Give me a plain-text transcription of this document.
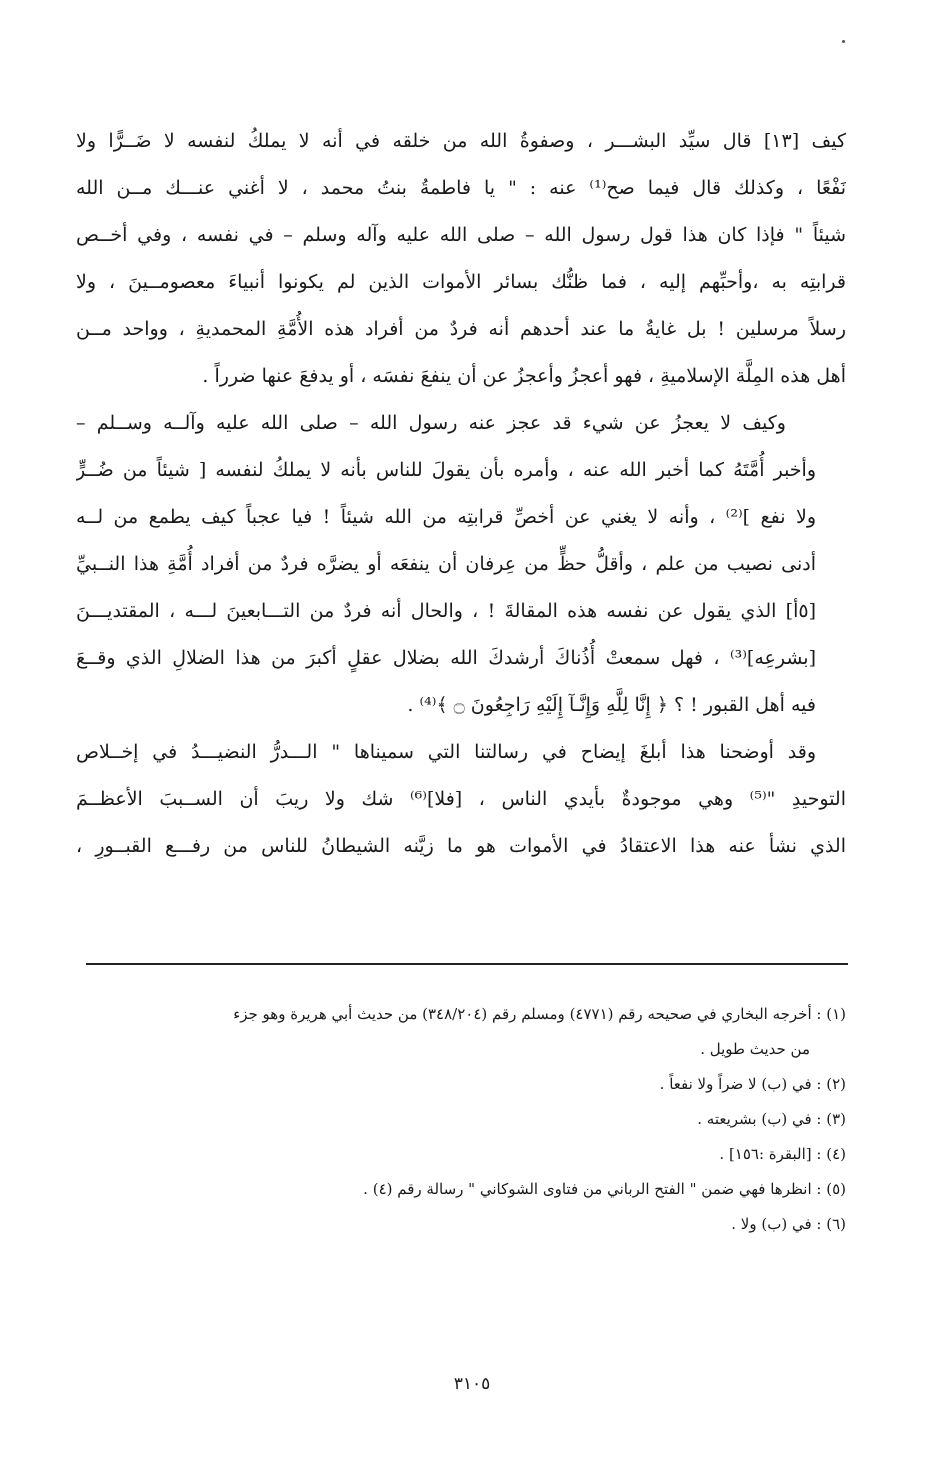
كيف [١٣] قال سيِّد البشـــر ، وصفوةُ الله من خلقه في أنه لا يملكُ لنفسه لا ضَــرًّا ولا
نَفْعًا ، وكذلك قال فيما صح⁽¹⁾ عنه : " يا فاطمةُ بنتُ محمد ، لا أغني عنـــك مــن الله
شيئاً " فإذا كان هذا قول رسول الله – صلى الله عليه وآله وسلم – في نفسه ، وفي أخــص
قرابتِه به ،وأحبِّهم إليه ، فما ظنُّك بسائر الأموات الذين لم يكونوا أنبياءَ معصومــينَ ، ولا
رسلاً مرسلين ! بل غايةُ ما عند أحدهم أنه فردٌ من أفراد هذه الأُمَّةِ المحمديةِ ، وواحد مــن
أهل هذه المِلَّة الإسلاميةِ ، فهو أعجزُ وأعجزُ عن أن ينفعَ نفسَه ، أو يدفعَ عنها ضرراً .
وكيف لا يعجزُ عن شيء قد عجز عنه رسول الله – صلى الله عليه وآلــه وســلم –
وأخبر أُمَّتَهُ كما أخبر الله عنه ، وأمره بأن يقولَ للناس بأنه لا يملكُ لنفسه [ شيئاً من ضُــرٍّ
ولا نفع ]⁽²⁾ ، وأنه لا يغني عن أخصِّ قرابتِه من الله شيئاً ! فيا عجباً كيف يطمع من لــه
أدنى نصيب من علم ، وأقلُّ حظٍّ من عِرفان أن ينفعَه أو يضرَّه فردٌ من أفراد أُمَّةِ هذا النــبيِّ
[٥أ] الذي يقول عن نفسه هذه المقالةَ ! ، والحال أنه فردٌ من التـــابعينَ لـــه ، المقتديـــنَ
[بشرعِه]⁽³⁾ ، فهل سمعتْ أُذُناكَ أرشدكَ الله بضلال عقلٍ أكبرَ من هذا الضلالِ الذي وقــعَ
فيه أهل القبور ! ؟ ﴿ إِنَّا لِلَّهِ وَإِنَّـآ إِلَيْهِ رَاجِعُونَ ۝ ﴾⁽⁴⁾ .
وقد أوضحنا هذا أبلغَ إيضاح في رسالتنا التي سميناها " الـــدرُّ النضيـــدُ في إخــلاص
التوحيدِ "⁽⁵⁾ وهي موجودةٌ بأيدي الناس ، [فلا]⁽⁶⁾ شك ولا ريبَ أن الســببَ الأعظــمَ
الذي نشأ عنه هذا الاعتقادُ في الأموات هو ما زيَّنه الشيطانُ للناس من رفـــع القبــورِ ،
(١) : أخرجه البخاري في صحيحه رقم (٤٧٧١) ومسلم رقم (٣٤٨/٢٠٤) من حديث أبي هريرة وهو جزء
من حديث طويل .
(٢) : في (ب) لا ضراً ولا نفعاً .
(٣) : في (ب) بشريعته .
(٤) : [البقرة :١٥٦] .
(٥) : انظرها فهي ضمن " الفتح الرباني من فتاوى الشوكاني " رسالة رقم (٤) .
(٦) : في (ب) ولا .
٣١٠٥
